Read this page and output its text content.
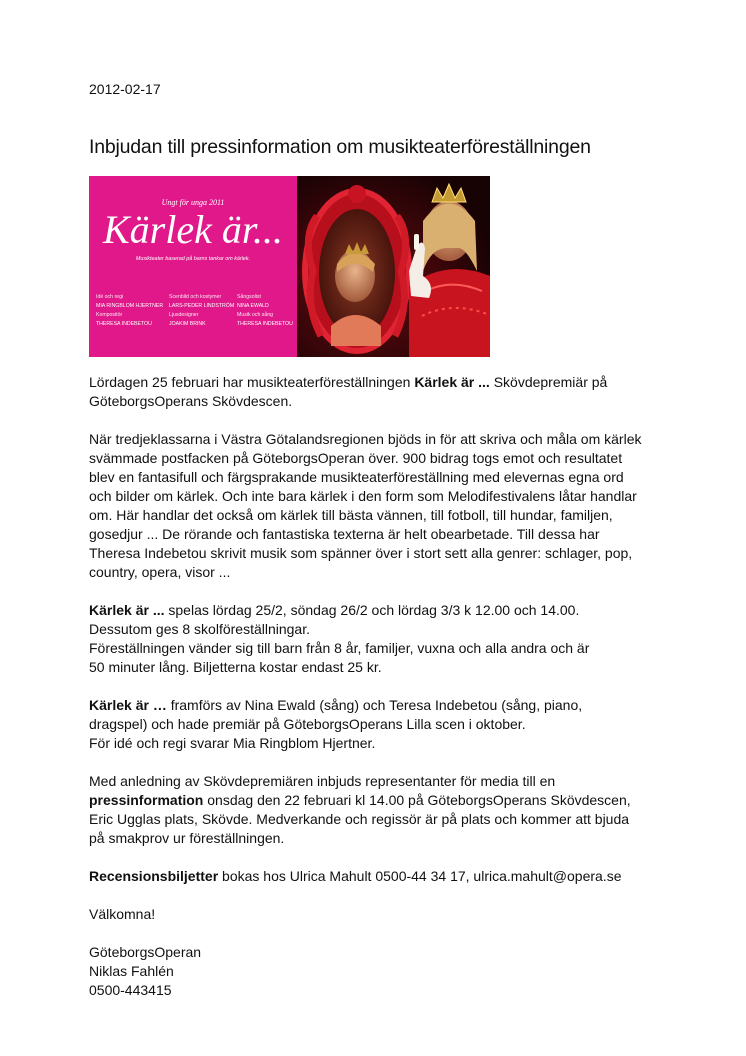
2012-02-17
Inbjudan till pressinformation om musikteaterföreställningen
Ungt för unga 2011
Kärlek är...
Musikteater baserad på barns tankar om kärlek.
Idé och regi
MIA RINGBLOM HJERTNER
Scenbild och kostymer
LARS-PEDER LINDSTRÖM
Sångsolist
NINA EWALD
Kompositör
THERESA INDEBETOU
Ljusdesigner
JOAKIM BRINK
Musik och sång
THERESA INDEBETOU

Lördagen 25 februari har musikteaterföreställningen Kärlek är ... Skövdepremiär på
GöteborgsOperans Skövdescen.

När tredjeklassarna i Västra Götalandsregionen bjöds in för att skriva och måla om kärlek
svämmade postfacken på GöteborgsOperan över. 900 bidrag togs emot och resultatet
blev en fantasifull och färgsprakande musikteaterföreställning med elevernas egna ord
och bilder om kärlek. Och inte bara kärlek i den form som Melodifestivalens låtar handlar
om. Här handlar det också om kärlek till bästa vännen, till fotboll, till hundar, familjen,
gosedjur ... De rörande och fantastiska texterna är helt obearbetade. Till dessa har
Theresa Indebetou skrivit musik som spänner över i stort sett alla genrer: schlager, pop,
country, opera, visor ...

Kärlek är ... spelas lördag 25/2, söndag 26/2 och lördag 3/3 k 12.00 och 14.00.
Dessutom ges 8 skolföreställningar.
Föreställningen vänder sig till barn från 8 år, familjer, vuxna och alla andra och är
50 minuter lång. Biljetterna kostar endast 25 kr.

Kärlek är … framförs av Nina Ewald (sång) och Teresa Indebetou (sång, piano,
dragspel) och hade premiär på GöteborgsOperans Lilla scen i oktober.
För idé och regi svarar Mia Ringblom Hjertner.

Med anledning av Skövdepremiären inbjuds representanter för media till en
pressinformation onsdag den 22 februari kl 14.00 på GöteborgsOperans Skövdescen,
Eric Ugglas plats, Skövde. Medverkande och regissör är på plats och kommer att bjuda
på smakprov ur föreställningen.

Recensionsbiljetter bokas hos Ulrica Mahult 0500-44 34 17, ulrica.mahult@opera.se

Välkomna!

GöteborgsOperan
Niklas Fahlén
0500-443415
